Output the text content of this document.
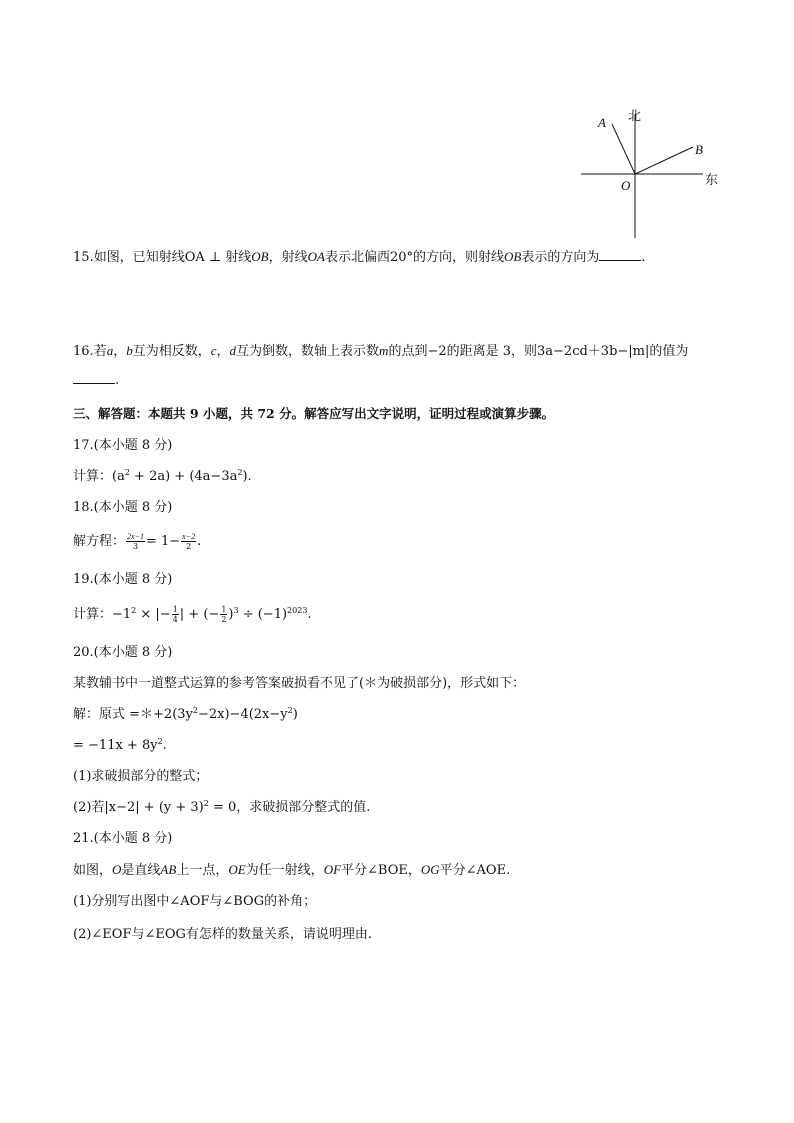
北
东
A
B
O
15.如图，已知射线OA ⊥ 射线OB，射线OA表示北偏西20°的方向，则射线OB表示的方向为	.
16.若a，b互为相反数，c，d互为倒数，数轴上表示数m的点到−2的距离是 3，则3a−2cd＋3b−|m|的值为
.
三、解答题：本题共 9 小题，共 72 分。解答应写出文字说明，证明过程或演算步骤。
17.(本小题 8 分)
计算：$(a^2 + 2a) + (4a-3a^2)$.
18.(本小题 8 分)
解方程： $\frac{2x-1}{3} = 1- \frac{x-2}{2}$ .
19.(本小题 8 分)
计算：$-1^2$ × |− $\frac{1}{4}$ | + (− $\frac{1}{2} )^3 \div (-1)^{2023}$.
20.(本小题 8 分)
某教辅书中一道整式运算的参考答案破损看不见了(＊为破损部分)，形式如下：
解：原式 $=*+2(3y^2-2x)-4(2x-y^2)$
= $-11x + 8y^2$.
(1)求破损部分的整式；
(2)若$|x-2| + (y + 3)^2 = 0$，求破损部分整式的值.
21.(本小题 8 分)
如图，O是直线AB上一点，OE为任一射线，OF平分∠BOE，OG平分∠AOE.
(1)分别写出图中∠AOF与∠BOG的补角；
(2)∠EOF与∠EOG有怎样的数量关系，请说明理由.
